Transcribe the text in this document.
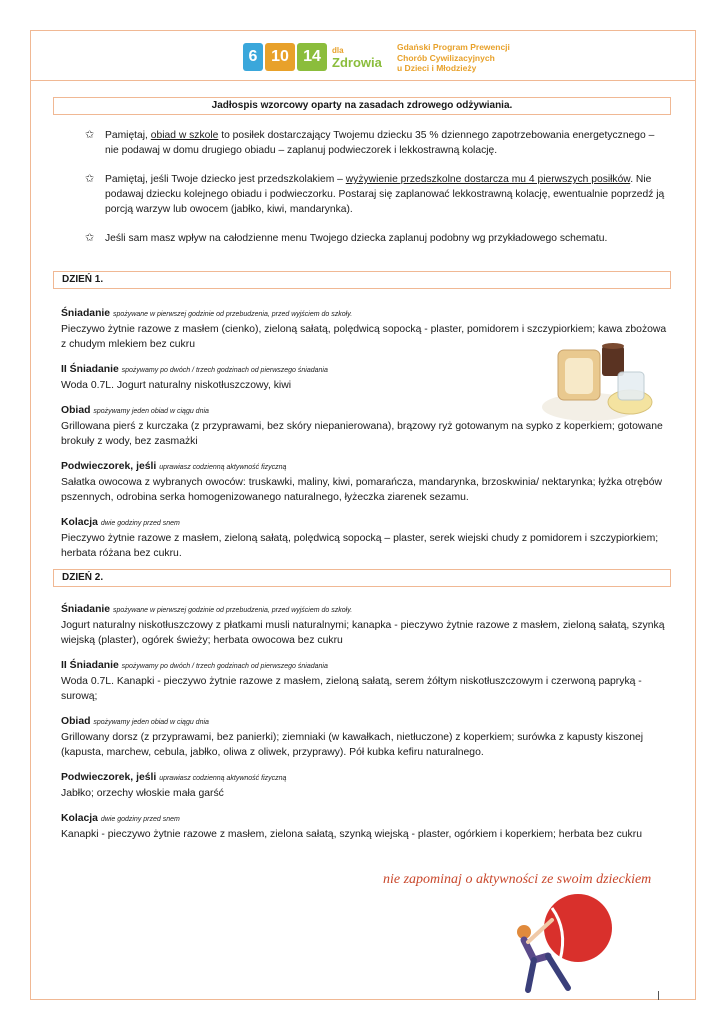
6 10 14	dla
Zdrowia
Gdański Program Prewencji
Chorób Cywilizacyjnych
u Dzieci i Młodzieży
Jadłospis wzorcowy oparty na zasadach zdrowego odżywiania.
✩ Pamiętaj, obiad w szkole to posiłek dostarczający Twojemu dziecku 35 % dziennego zapotrzebowania energetycznego – nie podawaj w domu drugiego obiadu – zaplanuj podwieczorek i lekkostrawną kolację.
✩ Pamiętaj, jeśli Twoje dziecko jest przedszkolakiem – wyżywienie przedszkolne dostarcza mu 4 pierwszych posiłków. Nie podawaj dziecku kolejnego obiadu i podwieczorku. Postaraj się zaplanować lekkostrawną kolację, ewentualnie poprzedź ją porcją warzyw lub owocem (jabłko, kiwi, mandarynka).
✩ Jeśli sam masz wpływ na całodzienne menu Twojego dziecka zaplanuj podobny wg przykładowego schematu.
DZIEŃ 1.
Śniadanie spożywane w pierwszej godzinie od przebudzenia, przed wyjściem do szkoły.
Pieczywo żytnie razowe z masłem (cienko), zieloną sałatą, polędwicą sopocką - plaster, pomidorem i szczypiorkiem; kawa zbożowa z chudym mlekiem bez cukru
II Śniadanie spożywamy po dwóch / trzech godzinach od pierwszego śniadania
Woda 0.7L. Jogurt naturalny niskotłuszczowy, kiwi
Obiad spożywamy jeden obiad w ciągu dnia
Grillowana pierś z kurczaka (z przyprawami, bez skóry niepanierowana), brązowy ryż gotowanym na sypko z koperkiem; gotowane brokuły z wody, bez zasmażki
Podwieczorek, jeśli uprawiasz codzienną aktywność fizyczną
Sałatka owocowa z wybranych owoców: truskawki, maliny, kiwi, pomarańcza, mandarynka, brzoskwinia/ nektarynka; łyżka otrębów pszennych, odrobina serka homogenizowanego naturalnego, łyżeczka ziarenek sezamu.
Kolacja dwie godziny przed snem
Pieczywo żytnie razowe z masłem, zieloną sałatą, polędwicą sopocką – plaster, serek wiejski chudy z pomidorem i szczypiorkiem; herbata różana bez cukru.
DZIEŃ 2.
Śniadanie spożywane w pierwszej godzinie od przebudzenia, przed wyjściem do szkoły.
Jogurt naturalny niskotłuszczowy z płatkami musli naturalnymi; kanapka - pieczywo żytnie razowe z masłem, zieloną sałatą, szynką wiejską (plaster), ogórek świeży; herbata owocowa bez cukru
II Śniadanie spożywamy po dwóch / trzech godzinach od pierwszego śniadania
Woda 0.7L. Kanapki - pieczywo żytnie razowe z masłem, zieloną sałatą, serem żółtym niskotłuszczowym i czerwoną papryką - surową;
Obiad spożywamy jeden obiad w ciągu dnia
Grillowany dorsz (z przyprawami, bez panierki); ziemniaki (w kawałkach, nietłuczone) z koperkiem; surówka z kapusty kiszonej (kapusta, marchew, cebula, jabłko, oliwa z oliwek, przyprawy). Pół kubka kefiru naturalnego.
Podwieczorek, jeśli uprawiasz codzienną aktywność fizyczną
Jabłko; orzechy włoskie mała garść
Kolacja dwie godziny przed snem
Kanapki - pieczywo żytnie razowe z masłem, zielona sałatą, szynką wiejską - plaster, ogórkiem i koperkiem; herbata bez cukru
nie zapominaj o aktywności ze swoim dzieckiem
